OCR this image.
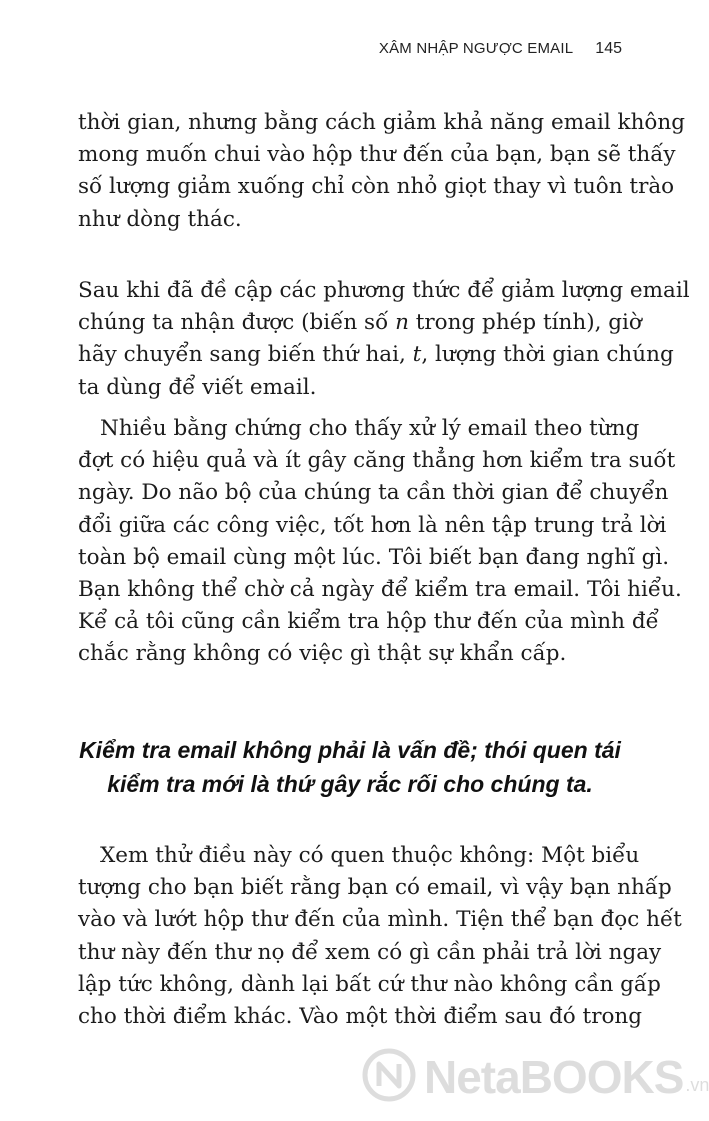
XÂM NHẬP NGƯỢC EMAIL 145
thời gian, nhưng bằng cách giảm khả năng email không
mong muốn chui vào hộp thư đến của bạn, bạn sẽ thấy
số lượng giảm xuống chỉ còn nhỏ giọt thay vì tuôn trào
như dòng thác.
Sau khi đã đề cập các phương thức để giảm lượng email
chúng ta nhận được (biến số n trong phép tính), giờ
hãy chuyển sang biến thứ hai, t, lượng thời gian chúng
ta dùng để viết email.
Nhiều bằng chứng cho thấy xử lý email theo từng
đợt có hiệu quả và ít gây căng thẳng hơn kiểm tra suốt
ngày. Do não bộ của chúng ta cần thời gian để chuyển
đổi giữa các công việc, tốt hơn là nên tập trung trả lời
toàn bộ email cùng một lúc. Tôi biết bạn đang nghĩ gì.
Bạn không thể chờ cả ngày để kiểm tra email. Tôi hiểu.
Kể cả tôi cũng cần kiểm tra hộp thư đến của mình để
chắc rằng không có việc gì thật sự khẩn cấp.
Kiểm tra email không phải là vấn đề; thói quen tái
kiểm tra mới là thứ gây rắc rối cho chúng ta.
Xem thử điều này có quen thuộc không: Một biểu
tượng cho bạn biết rằng bạn có email, vì vậy bạn nhấp
vào và lướt hộp thư đến của mình. Tiện thể bạn đọc hết
thư này đến thư nọ để xem có gì cần phải trả lời ngay
lập tức không, dành lại bất cứ thư nào không cần gấp
cho thời điểm khác. Vào một thời điểm sau đó trong
NetaBOOKS .vn
